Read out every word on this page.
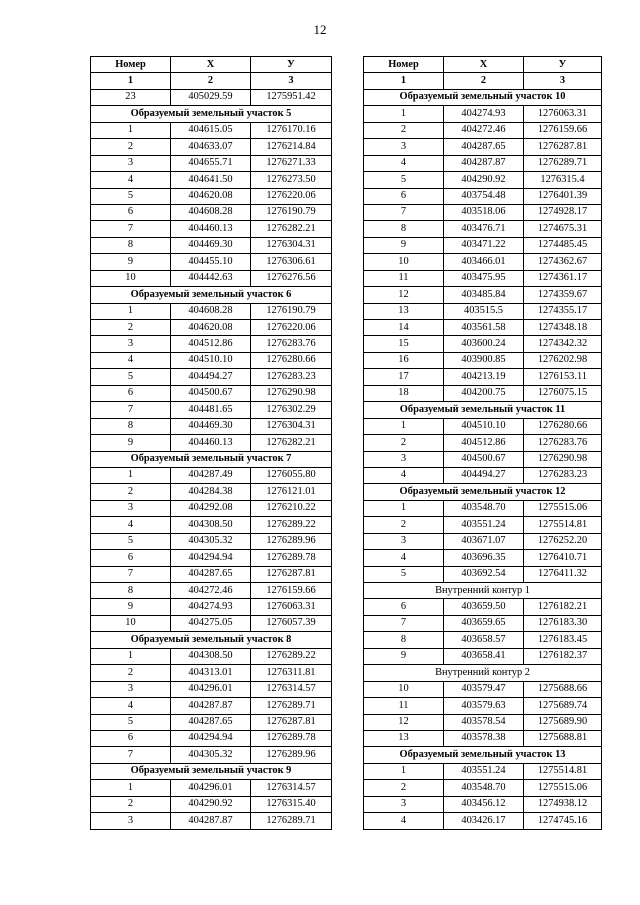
12
Номер	X	У
1	2	3
23	405029.59	1275951.42
Образуемый земельный участок 5		
1	404615.05	1276170.16
2	404633.07	1276214.84
3	404655.71	1276271.33
4	404641.50	1276273.50
5	404620.08	1276220.06
6	404608.28	1276190.79
7	404460.13	1276282.21
8	404469.30	1276304.31
9	404455.10	1276306.61
10	404442.63	1276276.56
Образуемый земельный участок 6		
1	404608.28	1276190.79
2	404620.08	1276220.06
3	404512.86	1276283.76
4	404510.10	1276280.66
5	404494.27	1276283.23
6	404500.67	1276290.98
7	404481.65	1276302.29
8	404469.30	1276304.31
9	404460.13	1276282.21
Образуемый земельный участок 7		
1	404287.49	1276055.80
2	404284.38	1276121.01
3	404292.08	1276210.22
4	404308.50	1276289.22
5	404305.32	1276289.96
6	404294.94	1276289.78
7	404287.65	1276287.81
8	404272.46	1276159.66
9	404274.93	1276063.31
10	404275.05	1276057.39
Образуемый земельный участок 8		
1	404308.50	1276289.22
2	404313.01	1276311.81
3	404296.01	1276314.57
4	404287.87	1276289.71
5	404287.65	1276287.81
6	404294.94	1276289.78
7	404305.32	1276289.96
Образуемый земельный участок 9		
1	404296.01	1276314.57
2	404290.92	1276315.40
3	404287.87	1276289.71
Номер	X	У
1	2	3
Образуемый земельный участок 10		
1	404274.93	1276063.31
2	404272.46	1276159.66
3	404287.65	1276287.81
4	404287.87	1276289.71
5	404290.92	1276315.4
6	403754.48	1276401.39
7	403518.06	1274928.17
8	403476.71	1274675.31
9	403471.22	1274485.45
10	403466.01	1274362.67
11	403475.95	1274361.17
12	403485.84	1274359.67
13	403515.5	1274355.17
14	403561.58	1274348.18
15	403600.24	1274342.32
16	403900.85	1276202.98
17	404213.19	1276153.11
18	404200.75	1276075.15
Образуемый земельный участок 11		
1	404510.10	1276280.66
2	404512.86	1276283.76
3	404500.67	1276290.98
4	404494.27	1276283.23
Образуемый земельный участок 12		
1	403548.70	1275515.06
2	403551.24	1275514.81
3	403671.07	1276252.20
4	403696.35	1276410.71
5	403692.54	1276411.32
Внутренний контур 1		
6	403659.50	1276182.21
7	403659.65	1276183.30
8	403658.57	1276183.45
9	403658.41	1276182.37
Внутренний контур 2		
10	403579.47	1275688.66
11	403579.63	1275689.74
12	403578.54	1275689.90
13	403578.38	1275688.81
Образуемый земельный участок 13		
1	403551.24	1275514.81
2	403548.70	1275515.06
3	403456.12	1274938.12
4	403426.17	1274745.16
